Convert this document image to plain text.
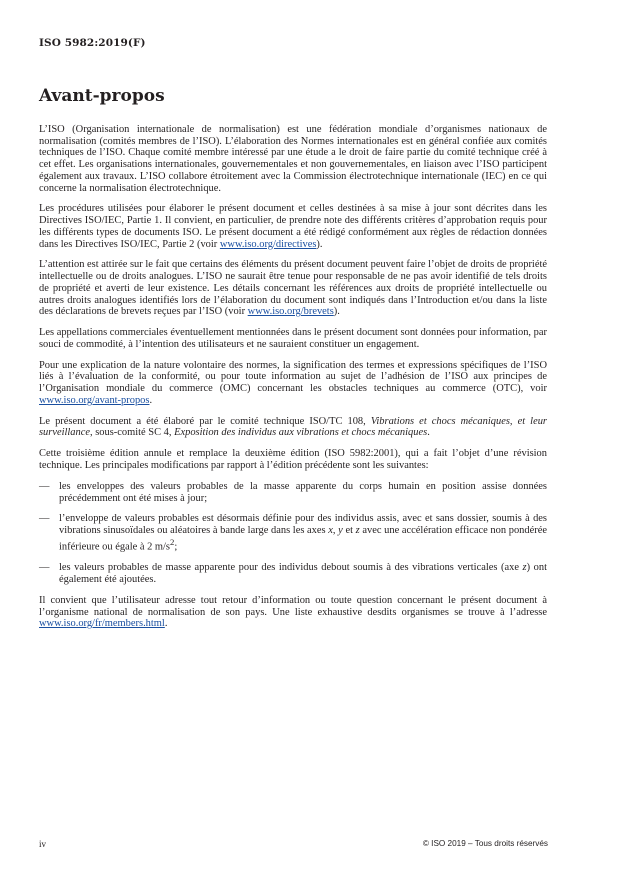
ISO 5982:2019(F)
Avant-propos

L’ISO (Organisation internationale de normalisation) est une fédération mondiale d’organismes nationaux de normalisation (comités membres de l’ISO). L’élaboration des Normes internationales est en général confiée aux comités techniques de l’ISO. Chaque comité membre intéressé par une étude a le droit de faire partie du comité technique créé à cet effet. Les organisations internationales, gouvernementales et non gouvernementales, en liaison avec l’ISO participent également aux travaux. L’ISO collabore étroitement avec la Commission électrotechnique internationale (IEC) en ce qui concerne la normalisation électrotechnique.

Les procédures utilisées pour élaborer le présent document et celles destinées à sa mise à jour sont décrites dans les Directives ISO/IEC, Partie 1. Il convient, en particulier, de prendre note des différents critères d’approbation requis pour les différents types de documents ISO. Le présent document a été rédigé conformément aux règles de rédaction données dans les Directives ISO/IEC, Partie 2 (voir www.iso.org/directives).

L’attention est attirée sur le fait que certains des éléments du présent document peuvent faire l’objet de droits de propriété intellectuelle ou de droits analogues. L’ISO ne saurait être tenue pour responsable de ne pas avoir identifié de tels droits de propriété et averti de leur existence. Les détails concernant les références aux droits de propriété intellectuelle ou autres droits analogues identifiés lors de l’élaboration du document sont indiqués dans l’Introduction et/ou dans la liste des déclarations de brevets reçues par l’ISO (voir www.iso.org/brevets).

Les appellations commerciales éventuellement mentionnées dans le présent document sont données pour information, par souci de commodité, à l’intention des utilisateurs et ne sauraient constituer un engagement.

Pour une explication de la nature volontaire des normes, la signification des termes et expressions spécifiques de l’ISO liés à l’évaluation de la conformité, ou pour toute information au sujet de l’adhésion de l’ISO aux principes de l’Organisation mondiale du commerce (OMC) concernant les obstacles techniques au commerce (OTC), voir www.iso.org/avant-propos.

Le présent document a été élaboré par le comité technique ISO/TC 108, Vibrations et chocs mécaniques, et leur surveillance, sous-comité SC 4, Exposition des individus aux vibrations et chocs mécaniques.

Cette troisième édition annule et remplace la deuxième édition (ISO 5982:2001), qui a fait l’objet d’une révision technique. Les principales modifications par rapport à l’édition précédente sont les suivantes:

— les enveloppes des valeurs probables de la masse apparente du corps humain en position assise données précédemment ont été mises à jour;
— l’enveloppe de valeurs probables est désormais définie pour des individus assis, avec et sans dossier, soumis à des vibrations sinusoïdales ou aléatoires à bande large dans les axes x, y et z avec une accélération efficace non pondérée inférieure ou égale à 2 $m/s^2$;
— les valeurs probables de masse apparente pour des individus debout soumis à des vibrations verticales (axe z) ont également été ajoutées.

Il convient que l’utilisateur adresse tout retour d’information ou toute question concernant le présent document à l’organisme national de normalisation de son pays. Une liste exhaustive desdits organismes se trouve à l’adresse www.iso.org/fr/members.html.

iv	© ISO 2019 – Tous droits réservés
